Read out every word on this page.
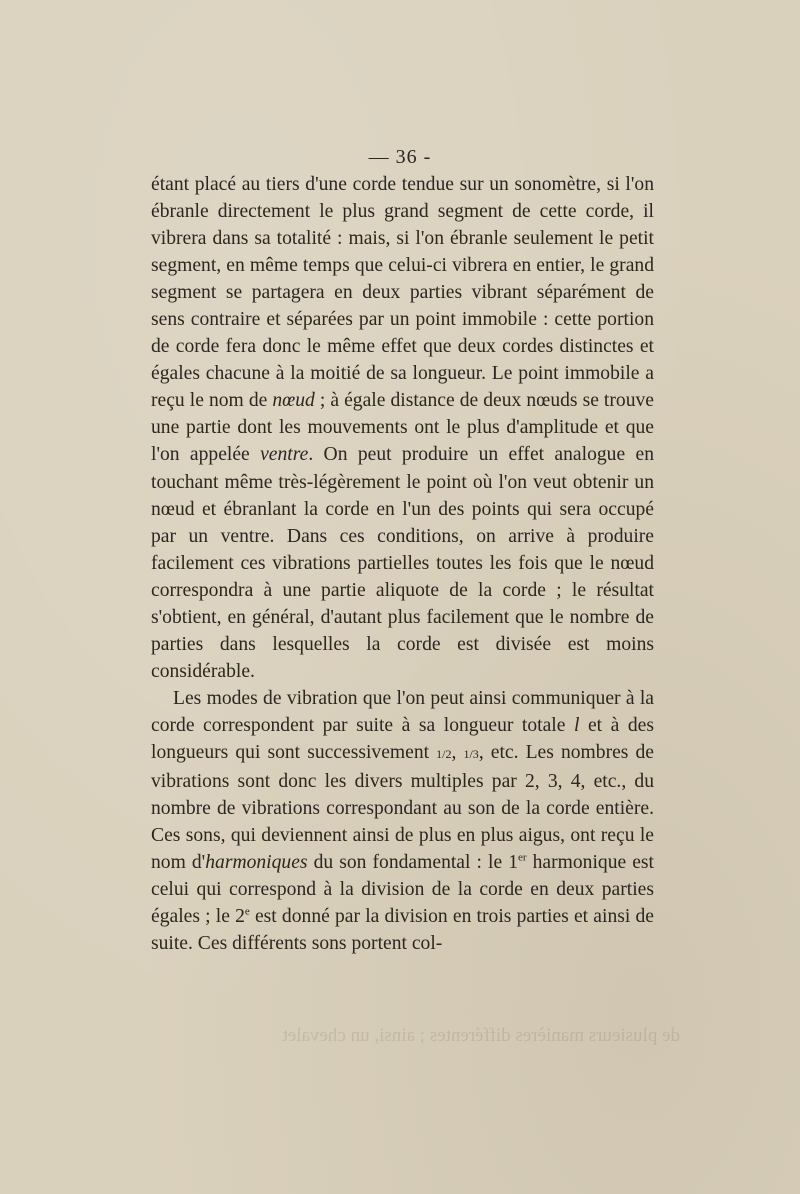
— 36 -

étant placé au tiers d'une corde tendue sur un sonomètre, si l'on ébranle directement le plus grand segment de cette corde, il vibrera dans sa totalité : mais, si l'on ébranle seulement le petit segment, en même temps que celui-ci vibrera en entier, le grand segment se partagera en deux parties vibrant séparément de sens contraire et séparées par un point immobile : cette portion de corde fera donc le même effet que deux cordes distinctes et égales chacune à la moitié de sa longueur. Le point immobile a reçu le nom de nœud ; à égale distance de deux nœuds se trouve une partie dont les mouvements ont le plus d'amplitude et que l'on appelée ventre. On peut produire un effet analogue en touchant même très-légèrement le point où l'on veut obtenir un nœud et ébranlant la corde en l'un des points qui sera occupé par un ventre. Dans ces conditions, on arrive à produire facilement ces vibrations partielles toutes les fois que le nœud correspondra à une partie aliquote de la corde ; le résultat s'obtient, en général, d'autant plus facilement que le nombre de parties dans lesquelles la corde est divisée est moins considérable.

Les modes de vibration que l'on peut ainsi communiquer à la corde correspondent par suite à sa longueur totale l et à des longueurs qui sont successivement 1/2, 1/3, etc. Les nombres de vibrations sont donc les divers multiples par 2, 3, 4, etc., du nombre de vibrations correspondant au son de la corde entière. Ces sons, qui deviennent ainsi de plus en plus aigus, ont reçu le nom d'harmoniques du son fondamental : le 1er harmonique est celui qui correspond à la division de la corde en deux parties égales ; le 2e est donné par la division en trois parties et ainsi de suite. Ces différents sons portent col-

de plusieurs manières différentes ; ainsi, un chevalet
